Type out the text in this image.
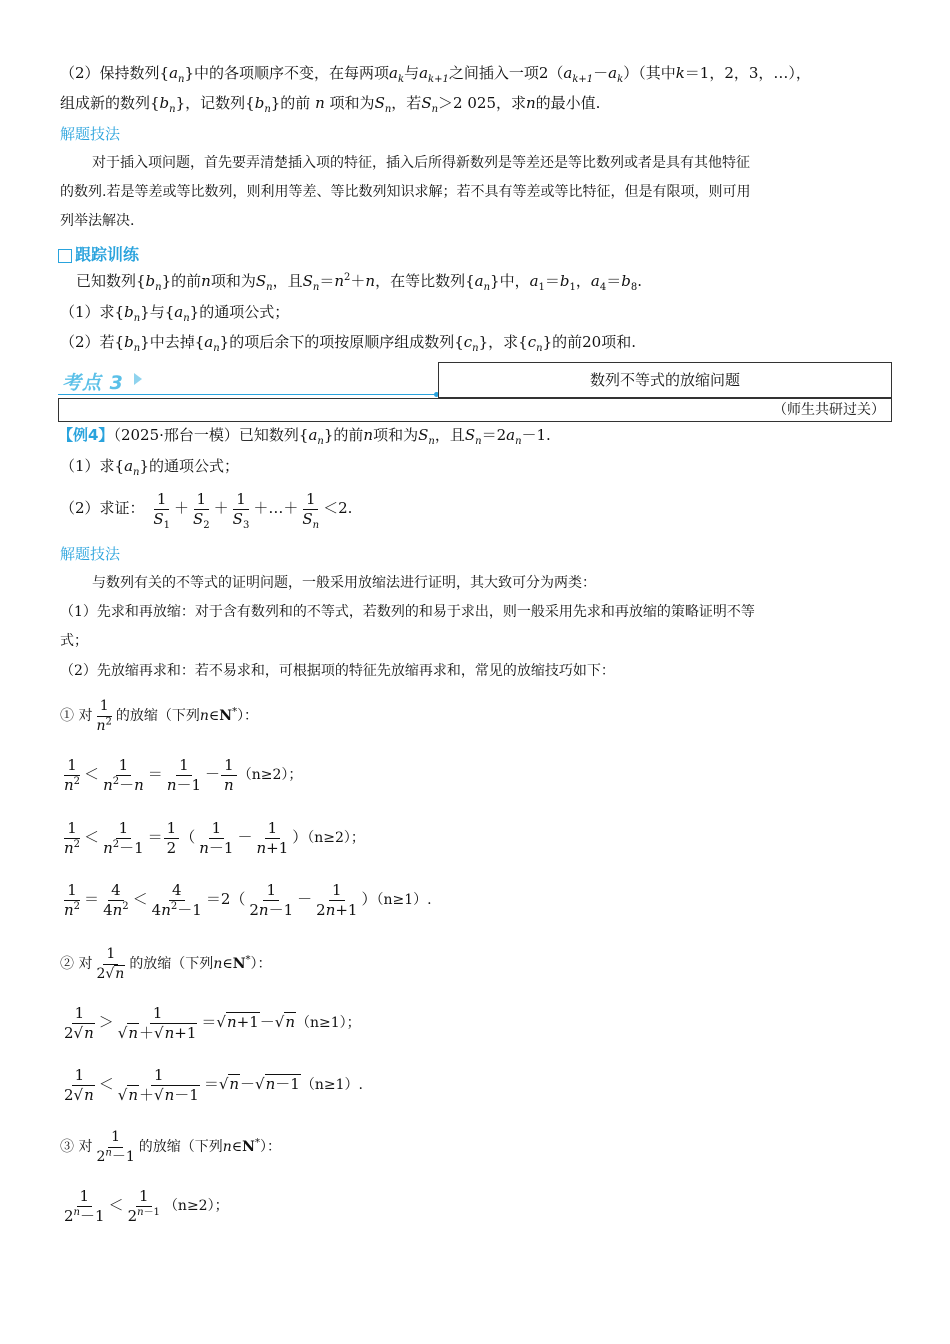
（2）保持数列$\{a_n\}$中的各项顺序不变，在每两项$a_k$与$a_{k+1}$之间插入一项$2(a_{k+1}-a_k)$（其中k＝1，2，3，…），
组成新的数列$\{b_n\}$，记数列$\{b_n\}$的前 n 项和为$S_n$，若$S_n>2$ 025，求n的最小值.
解题技法
对于插入项问题，首先要弄清楚插入项的特征，插入后所得新数列是等差还是等比数列或者是具有其他特征
的数列.若是等差或等比数列，则利用等差、等比数列知识求解；若不具有等差或等比特征，但是有限项，则可用
列举法解决.
跟踪训练
已知数列$\{b_n\}$的前n项和为$S_n$，且$S_n=n^2+n$，在等比数列$\{a_n\}$中，$a_1=b_1$，$a_4=b_8$.
（1）求$\{b_n\}$与$\{a_n\}$的通项公式；
（2）若$\{b_n\}$中去掉$\{a_n\}$的项后余下的项按原顺序组成数列$\{c_n\}$，求$\{c_n\}$的前20项和.
考点 3	数列不等式的放缩问题
（师生共研过关）
【例4】（2025·邢台一模）已知数列$\{a_n\}$的前n项和为$S_n$，且$S_n=2a_n-1$.
（1）求$\{a_n\}$的通项公式；
（2）求证： $\frac{1}{S_1} + \frac{1}{S_2} + \frac{1}{S_3}$ ＋…＋ $\frac{1}{S_n} <2$.
解题技法
与数列有关的不等式的证明问题，一般采用放缩法进行证明，其大致可分为两类：
（1）先求和再放缩：对于含有数列和的不等式，若数列的和易于求出，则一般采用先求和再放缩的策略证明不等
式；
（2）先放缩再求和：若不易求和，可根据项的特征先放缩再求和，常见的放缩技巧如下：
① 对 $\frac{1}{n^2}$ 的放缩（下列n∈N*）：
$\frac{1}{n^2} < \frac{1}{n^2-n} = \frac{1}{n-1} - \frac{1}{n} (n\ge 2)$；
$\frac{1}{n^2} < \frac{1}{n^2-1} = \frac{1}{2}$ （ $\frac{1}{n-1} - \frac{1}{n+1} )(n\ge 2)$；
$\frac{1}{n^2} = \frac{4}{4n^2} < \frac{4}{4n^2-1} =2( \frac{1}{2n-1} - \frac{1}{2n+1} )(n\ge 1)$.
② 对 $\frac{1}{2√n}$ 的放缩（下列n∈N*）：
$\frac{1}{2√n} > \frac{1}{√n+√n+1} =√n+1-√n(n\ge 1)$；
$\frac{1}{2√n} < \frac{1}{√n+√n-1} =√n-√n-1(n\ge 1)$.
③ 对 $\frac{1}{2^n-1}$ 的放缩（下列n∈N*）：
$\frac{1}{2^n-1} < \frac{1}{2^{n-1}} (n\ge 2)$；
